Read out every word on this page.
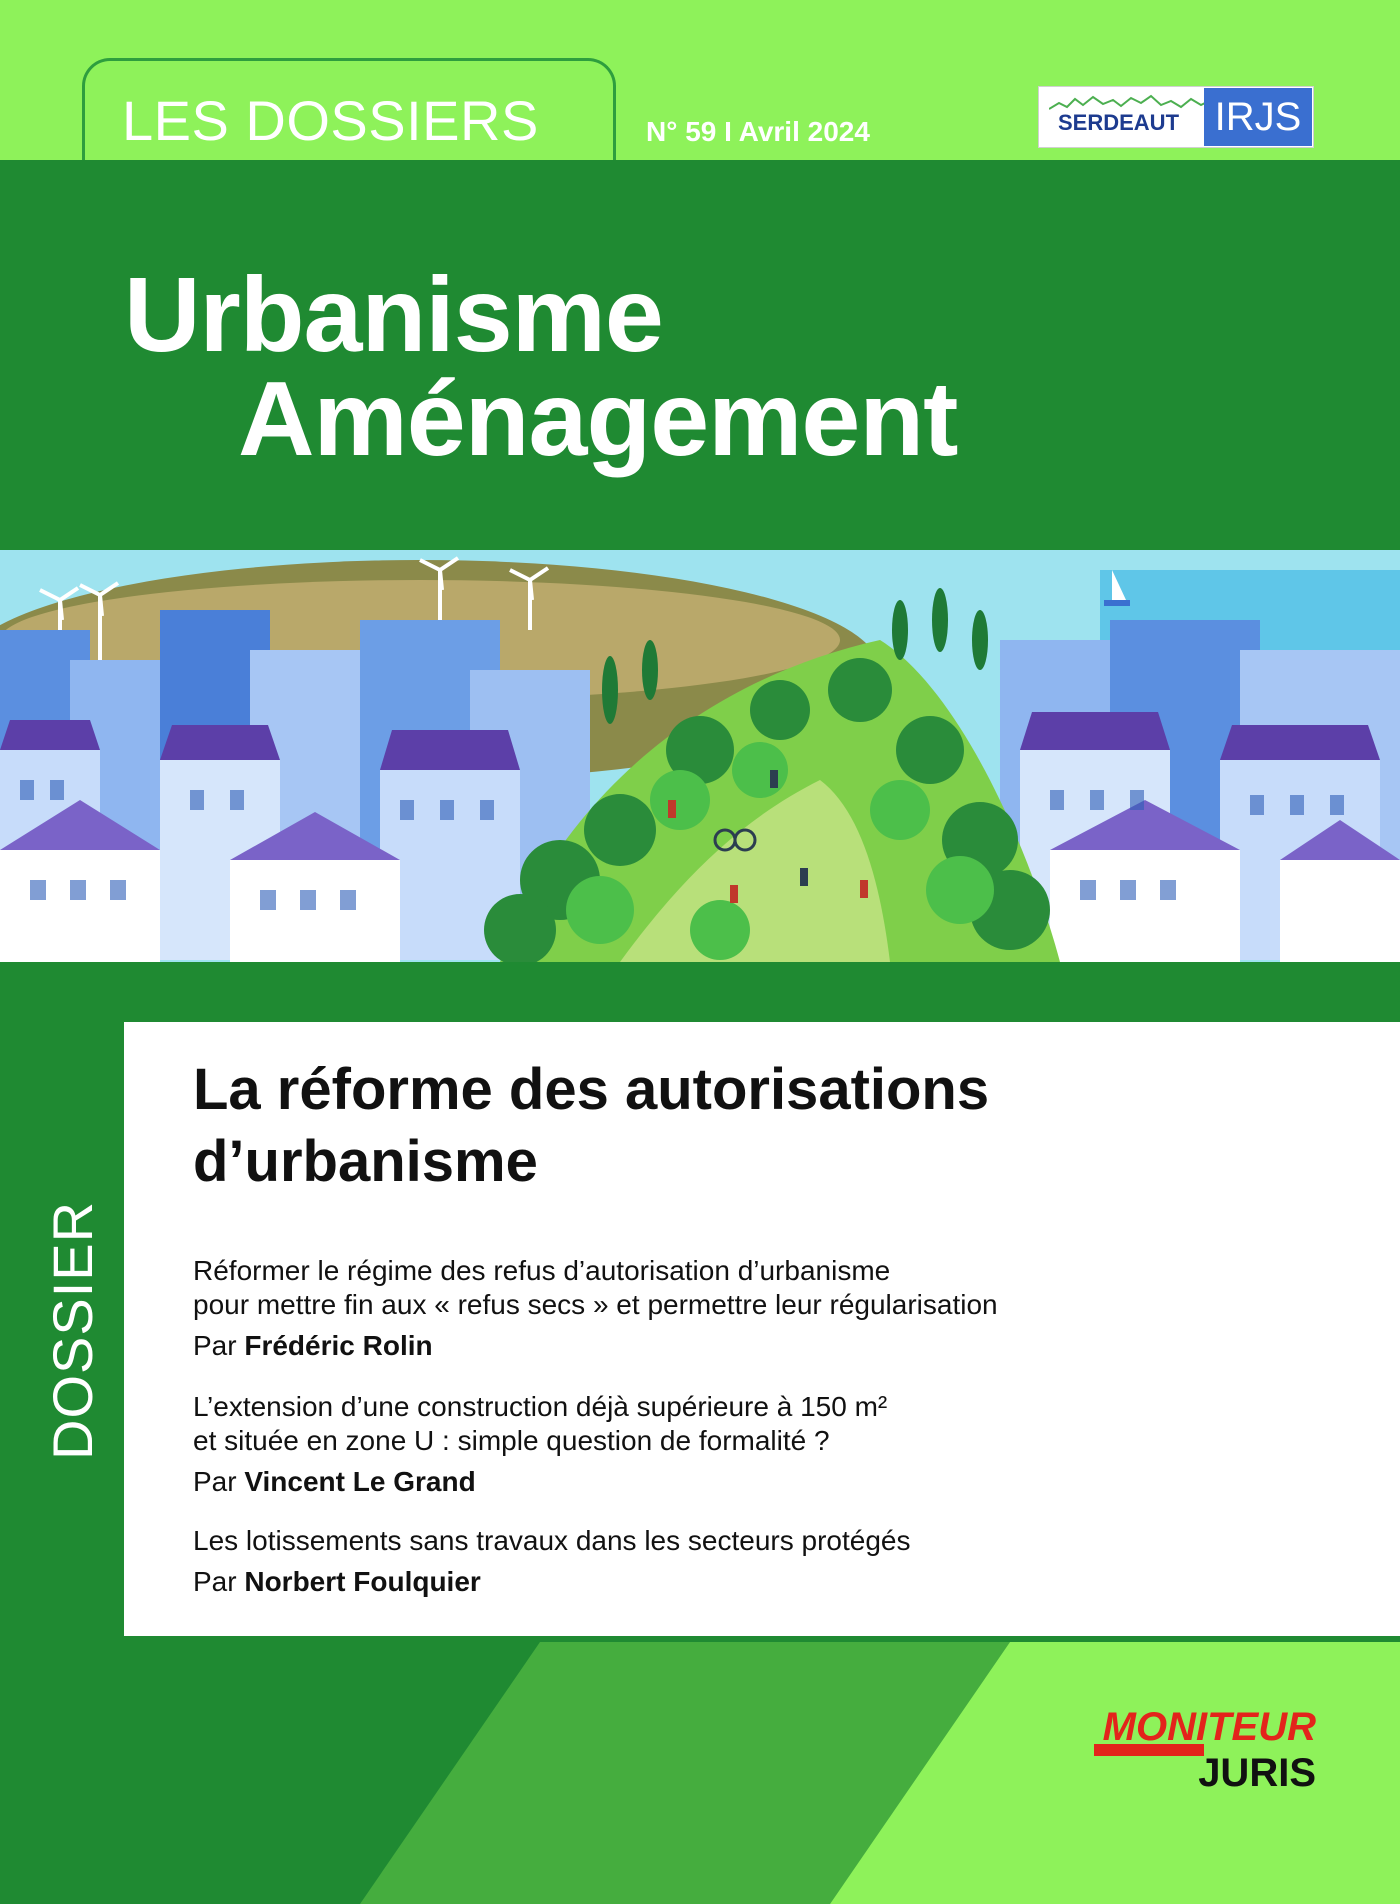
LES DOSSIERS	N° 59 I Avril 2024	SERDEAUT IRJS
Urbanisme
Aménagement
DOSSIER
La réforme des autorisations
d’urbanisme
Réformer le régime des refus d’autorisation d’urbanisme
pour mettre fin aux « refus secs » et permettre leur régularisation
Par Frédéric Rolin
L’extension d’une construction déjà supérieure à 150 m²
et située en zone U : simple question de formalité ?
Par Vincent Le Grand
Les lotissements sans travaux dans les secteurs protégés
Par Norbert Foulquier
MONITEUR
JURIS
